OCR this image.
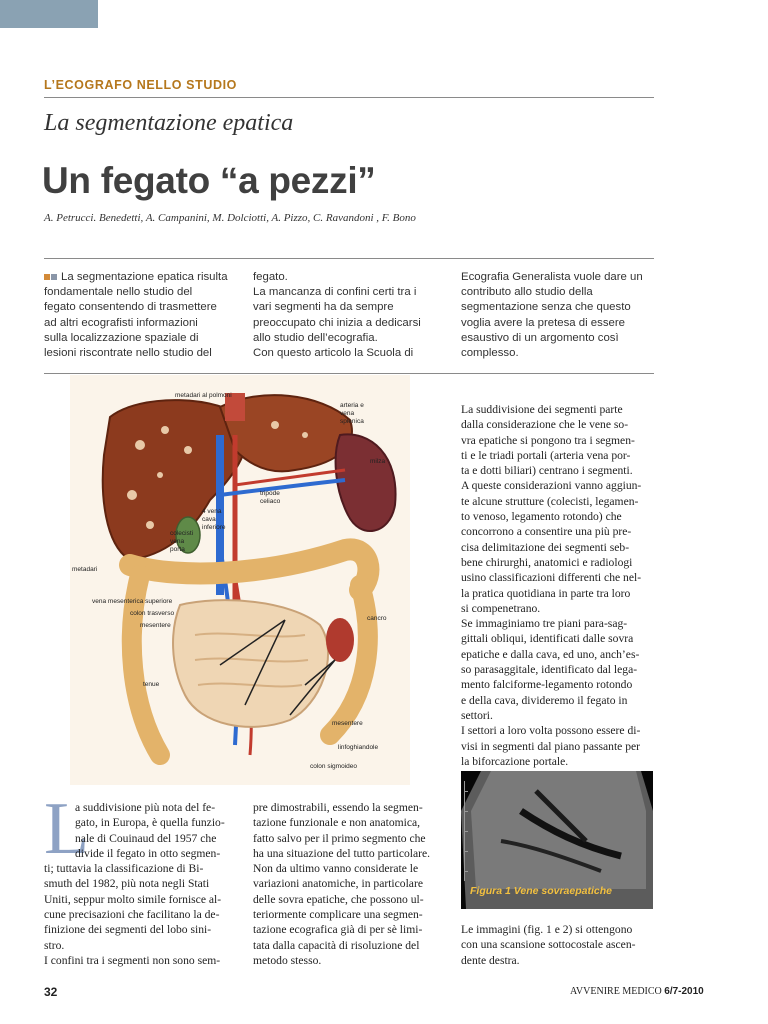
L’ECOGRAFO NELLO STUDIO
La segmentazione epatica
Un fegato “a pezzi”
A. Petrucci. Benedetti, A. Campanini, M. Dolciotti, A. Pizzo, C. Ravandoni , F. Bono
La segmentazione epatica risulta
fondamentale nello studio del
fegato consentendo di trasmettere
ad altri ecografisti informazioni
sulla localizzazione spaziale di
lesioni riscontrate nello studio del
fegato.
La mancanza di confini certi tra i
vari segmenti ha da sempre
preoccupato chi inizia a dedicarsi
allo studio dell’ecografia.
Con questo articolo la Scuola di
Ecografia Generalista vuole dare un
contributo allo studio della
segmentazione senza che questo
voglia avere la pretesa di essere
esaustivo di un argomento così
complesso.
metadari al polmoni
arteria e
vena
splenica
milza
tripode
celiaco
4 vena
cava
inferiore
colecisti
vena
porta
metadari
vena mesenterica superiore
colon trasverso
mesentere
cancro
tenue
mesentere
linfoghiandole
colon sigmoideo
La suddivisione dei segmenti parte
dalla considerazione che le vene so-
vra epatiche si pongono tra i segmen-
ti e le triadi portali (arteria vena por-
ta e dotti biliari) centrano i segmenti.
A queste considerazioni vanno aggiun-
te alcune strutture (colecisti, legamen-
to venoso, legamento rotondo) che
concorrono a consentire una più pre-
cisa delimitazione dei segmenti seb-
bene chirurghi, anatomici e radiologi
usino classificazioni differenti che nel-
la pratica quotidiana in parte tra loro
si compenetrano.
Se immaginiamo tre piani para-sag-
gittali obliqui, identificati dalle sovra
epatiche e dalla cava, ed uno, anch’es-
so parasaggitale, identificato dal lega-
mento falciforme-legamento rotondo
e della cava, divideremo il fegato in
settori.
I settori a loro volta possono essere di-
visi in segmenti dal piano passante per
la biforcazione portale.
Figura 1 Vene sovraepatiche
Le immagini (fig. 1 e 2) si ottengono
con una scansione sottocostale ascen-
dente destra.
L
a suddivisione più nota del fe-
gato, in Europa, è quella funzio-
nale di Couinaud del 1957 che
divide il fegato in otto segmen-
ti; tuttavia la classificazione di Bi-
smuth del 1982, più nota negli Stati
Uniti, seppur molto simile fornisce al-
cune precisazioni che facilitano la de-
finizione dei segmenti del lobo sini-
stro.
I confini tra i segmenti non sono sem-
pre dimostrabili, essendo la segmen-
tazione funzionale e non anatomica,
fatto salvo per il primo segmento che
ha una situazione del tutto particolare.
Non da ultimo vanno considerate le
variazioni anatomiche, in particolare
delle sovra epatiche, che possono ul-
teriormente complicare una segmen-
tazione ecografica già di per sè limi-
tata dalla capacità di risoluzione del
metodo stesso.
32	AVVENIRE MEDICO 6/7-2010
